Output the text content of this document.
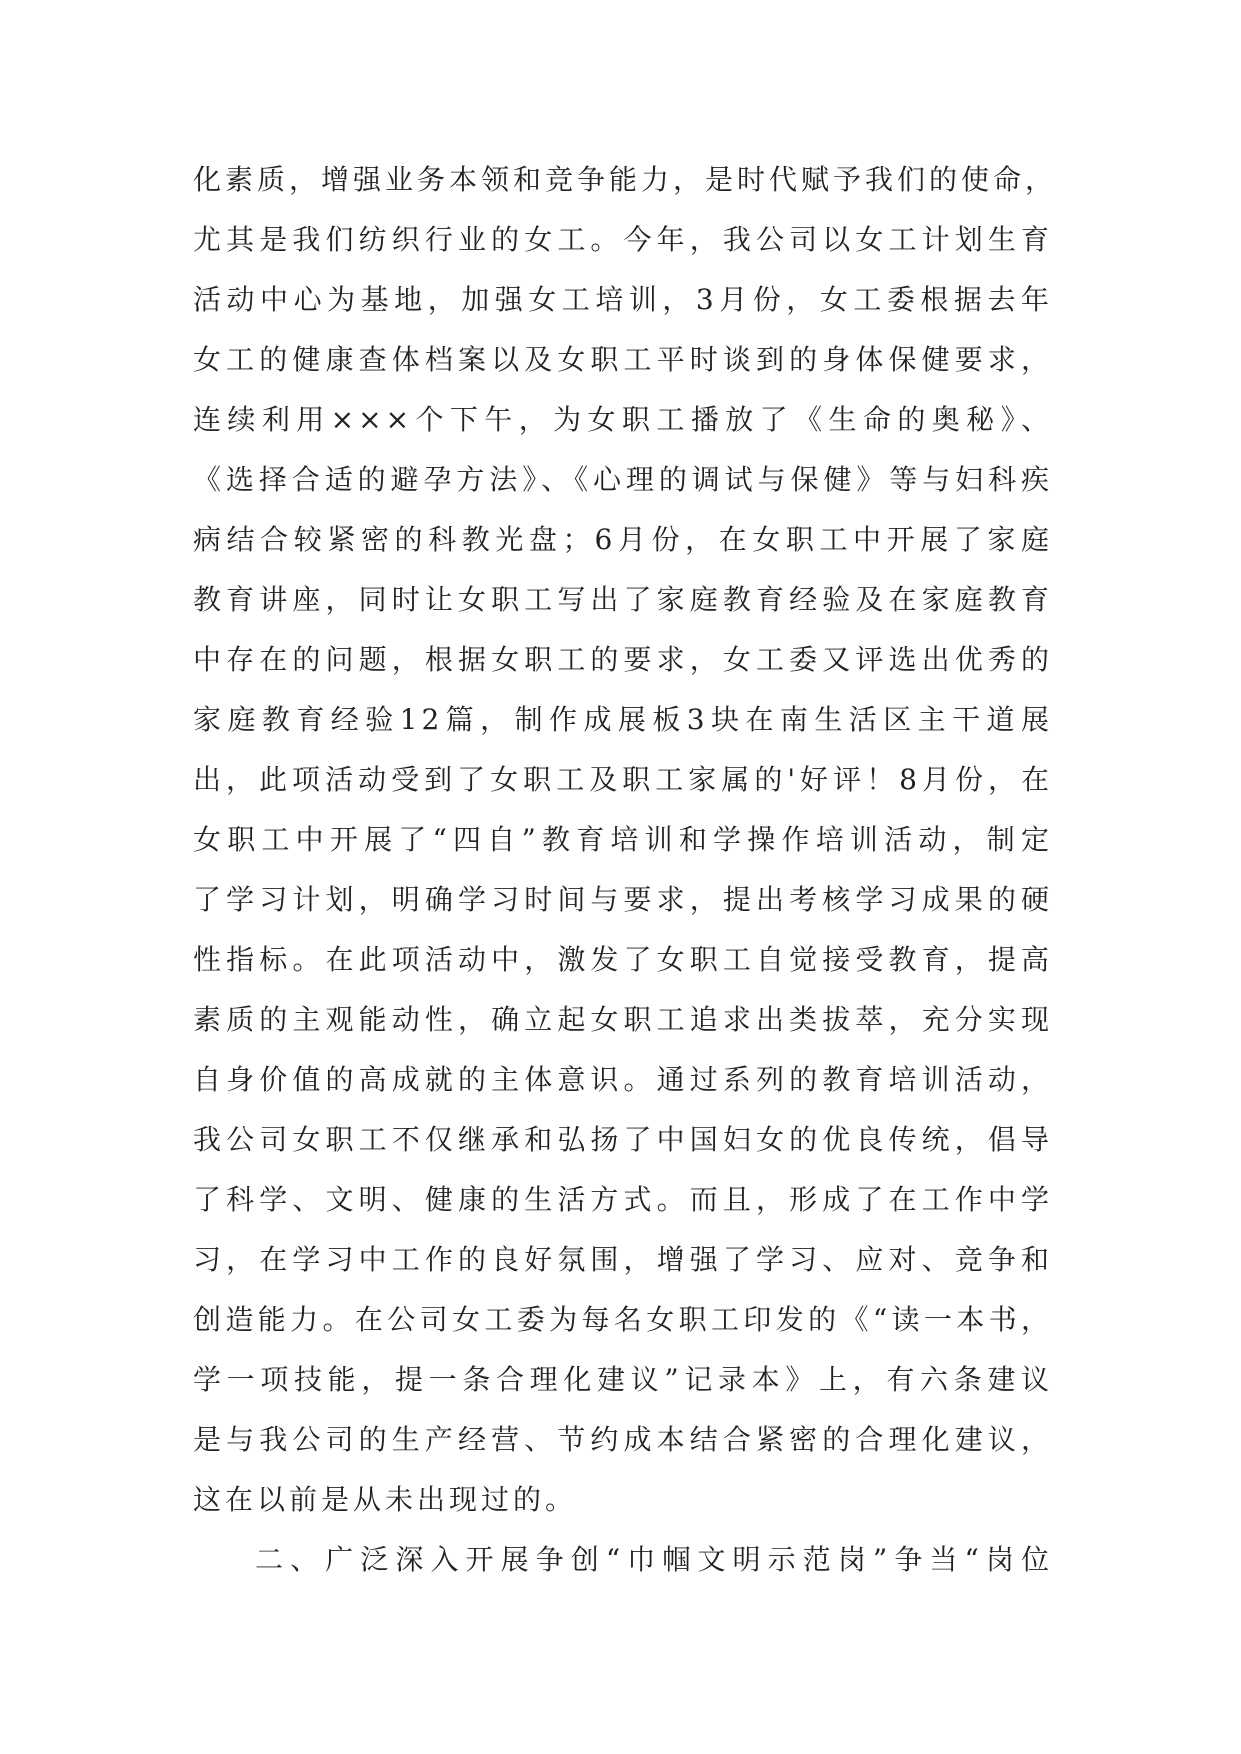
化素质，增强业务本领和竞争能力，是时代赋予我们的使命，
尤其是我们纺织行业的女工。今年，我公司以女工计划生育
活动中心为基地，加强女工培训，3月份，女工委根据去年
女工的健康查体档案以及女职工平时谈到的身体保健要求，
连续利用×××个下午，为女职工播放了《生命的奥秘》、
《选择合适的避孕方法》、《心理的调试与保健》等与妇科疾
病结合较紧密的科教光盘；6月份，在女职工中开展了家庭
教育讲座，同时让女职工写出了家庭教育经验及在家庭教育
中存在的问题，根据女职工的要求，女工委又评选出优秀的
家庭教育经验12篇，制作成展板3块在南生活区主干道展
出，此项活动受到了女职工及职工家属的'好评！8月份，在
女职工中开展了“四自”教育培训和学操作培训活动，制定
了学习计划，明确学习时间与要求，提出考核学习成果的硬
性指标。在此项活动中，激发了女职工自觉接受教育，提高
素质的主观能动性，确立起女职工追求出类拔萃，充分实现
自身价值的高成就的主体意识。通过系列的教育培训活动，
我公司女职工不仅继承和弘扬了中国妇女的优良传统，倡导
了科学、文明、健康的生活方式。而且，形成了在工作中学
习，在学习中工作的良好氛围，增强了学习、应对、竞争和
创造能力。在公司女工委为每名女职工印发的《“读一本书，
学一项技能，提一条合理化建议”记录本》上，有六条建议
是与我公司的生产经营、节约成本结合紧密的合理化建议，
这在以前是从未出现过的。
二、广泛深入开展争创“巾帼文明示范岗”争当“岗位
